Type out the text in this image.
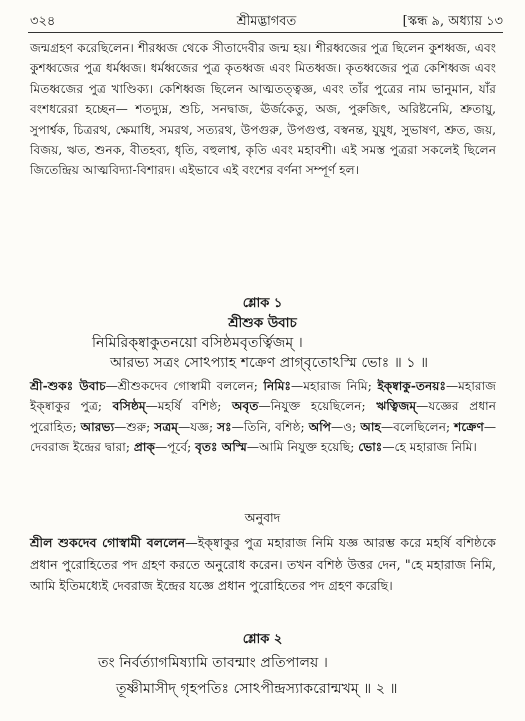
৩২৪	শ্রীমদ্ভাগবত	[স্কন্ধ ৯, অধ্যায় ১৩
জন্মগ্রহণ করেছিলেন। শীরধ্বজ থেকে সীতাদেবীর জন্ম হয়। শীরধ্বজের পুত্র ছিলেন কুশধ্বজ, এবং কুশধ্বজের পুত্র ধর্মধ্বজ। ধর্মধ্বজের পুত্র কৃতধ্বজ এবং মিতধ্বজ। কৃতধ্বজের পুত্র কেশিধ্বজ এবং মিতধ্বজের পুত্র খাণ্ডিক্য। কেশিধ্বজ ছিলেন আত্মতত্ত্বজ্ঞ, এবং তাঁর পুত্রের নাম ভানুমান, যাঁর বংশধরেরা হচ্ছেন— শতদ্যুম্ন, শুচি, সনদ্বাজ, ঊর্জকেতু, অজ, পুরুজিৎ, অরিষ্টনেমি, শ্রুতায়ু, সুপার্শ্বক, চিত্ররথ, ক্ষেমাধি, সমরথ, সত্যরথ, উপগুরু, উপগুপ্ত, বস্বনন্ত, যুযুধ, সুভাষণ, শ্রুত, জয়, বিজয়, ঋত, শুনক, বীতহব্য, ধৃতি, বহুলাশ্ব, কৃতি এবং মহাবশী। এই সমস্ত পুত্ররা সকলেই ছিলেন জিতেন্দ্রিয় আত্মবিদ্যা-বিশারদ। এইভাবে এই বংশের বর্ণনা সম্পূর্ণ হল।
শ্লোক ১
শ্রীশুক উবাচ
নিমিরিক্ষ্বাকুতনয়ো বসিষ্ঠমবৃতর্ত্বিজম্ ।
আরভ্য সত্রং সোঽপ্যাহ শক্রেণ প্রাগ্‌বৃতোঽস্মি ভোঃ ॥ ১ ॥
শ্রী-শুকঃ উবাচ—শ্রীশুকদেব গোস্বামী বললেন; নিমিঃ—মহারাজ নিমি; ইক্ষ্বাকু-তনয়ঃ—মহারাজ ইক্ষ্বাকুর পুত্র; বসিষ্ঠম্—মহর্ষি বশিষ্ঠ; অবৃত—নিযুক্ত হয়েছিলেন; ঋত্বিজম্—যজ্ঞের প্রধান পুরোহিত; আরভ্য—শুরু; সত্রম্—যজ্ঞ; সঃ—তিনি, বশিষ্ঠ; অপি—ও; আহ—বলেছিলেন; শক্রেণ—দেবরাজ ইন্দ্রের দ্বারা; প্রাক্—পূর্বে; বৃতঃ অস্মি—আমি নিযুক্ত হয়েছি; ভোঃ—হে মহারাজ নিমি।
অনুবাদ
শ্রীল শুকদেব গোস্বামী বললেন—ইক্ষ্বাকুর পুত্র মহারাজ নিমি যজ্ঞ আরম্ভ করে মহর্ষি বশিষ্ঠকে প্রধান পুরোহিতের পদ গ্রহণ করতে অনুরোধ করেন। তখন বশিষ্ঠ উত্তর দেন, "হে মহারাজ নিমি, আমি ইতিমধ্যেই দেবরাজ ইন্দ্রের যজ্ঞে প্রধান পুরোহিতের পদ গ্রহণ করেছি।
শ্লোক ২
তং নির্বর্ত্যাগমিষ্যামি তাবন্মাং প্রতিপালয় ।
তূষ্ণীমাসীদ্ গৃহপতিঃ সোঽপীন্দ্রস্যাকরোন্মখম্ ॥ ২ ॥
